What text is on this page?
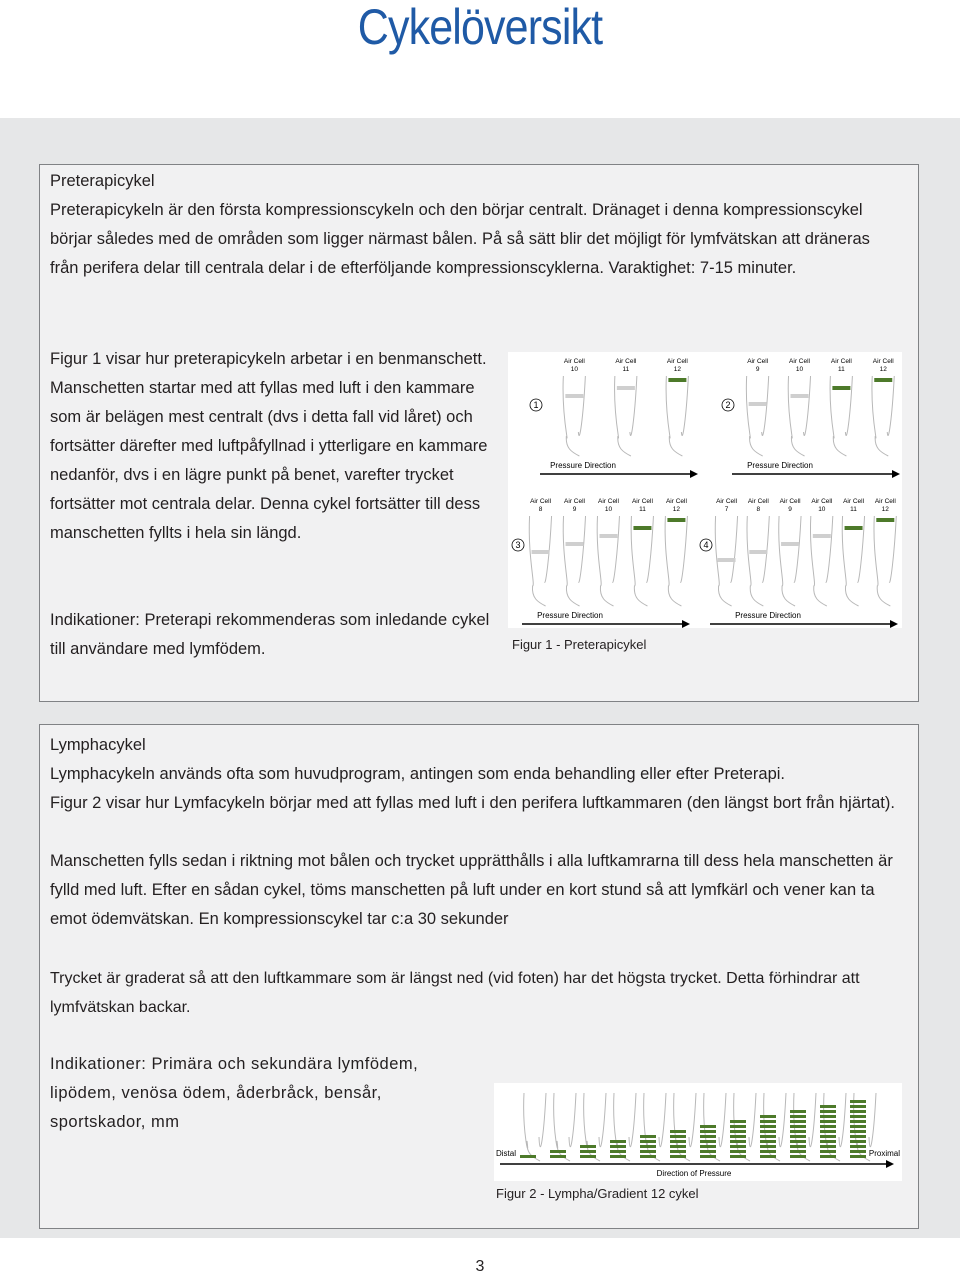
Cykelöversikt

Preterapicykel

Preterapicykeln är den första kompressionscykeln och den börjar centralt. Dränaget i denna kompressionscykel börjar således med de områden som ligger närmast bålen. På så sätt blir det möjligt för lymfvätskan att dräneras från perifera delar till centrala delar i de efterföljande kompressionscyklerna. Varaktighet: 7-15 minuter.

Figur 1 visar hur preterapicykeln arbetar i en benmanschett. Manschetten startar med att fyllas med luft i den kammare som är belägen mest centralt (dvs i detta fall vid låret) och fortsätter därefter med luftpåfyllnad i ytterligare en kammare nedanför, dvs i en lägre punkt på benet, varefter trycket fortsätter mot centrala delar. Denna cykel fortsätter till dess manschetten fyllts i hela sin längd.

Indikationer: Preterapi rekommenderas som inledande cykel till användare med lymfödem.

1
Air Cell
10
Air Cell
11
Air Cell
12
Pressure Direction
2
Air Cell
9
Air Cell
10
Air Cell
11
Air Cell
12
Pressure Direction
3
Air Cell
8
Air Cell
9
Air Cell
10
Air Cell
11
Air Cell
12
Pressure Direction
4
Air Cell
7
Air Cell
8
Air Cell
9
Air Cell
10
Air Cell
11
Air Cell
12
Pressure Direction
Figur 1 - Preterapicykel

Lymphacykel

Lymphacykeln används ofta som huvudprogram, antingen som enda behandling eller efter Preterapi.

Figur 2 visar hur Lymfacykeln börjar med att fyllas med luft i den perifera luftkammaren (den längst bort från hjärtat).

Manschetten fylls sedan i riktning mot bålen och trycket upprätthålls i alla luftkamrarna till dess hela manschetten är fylld med luft. Efter en sådan cykel, töms manschetten på luft under en kort stund så att lymfkärl och vener kan ta emot ödemvätskan. En kompressionscykel tar c:a 30 sekunder

Trycket är graderat så att den luftkammare som är längst ned (vid foten) har det högsta trycket. Detta förhindrar att lymfvätskan backar.

Indikationer: Primära och sekundära lymfödem, lipödem, venösa ödem, åderbråck, bensår, sportskador, mm

Distal	Proximal
Direction of Pressure
Figur 2 - Lympha/Gradient 12 cykel
3
